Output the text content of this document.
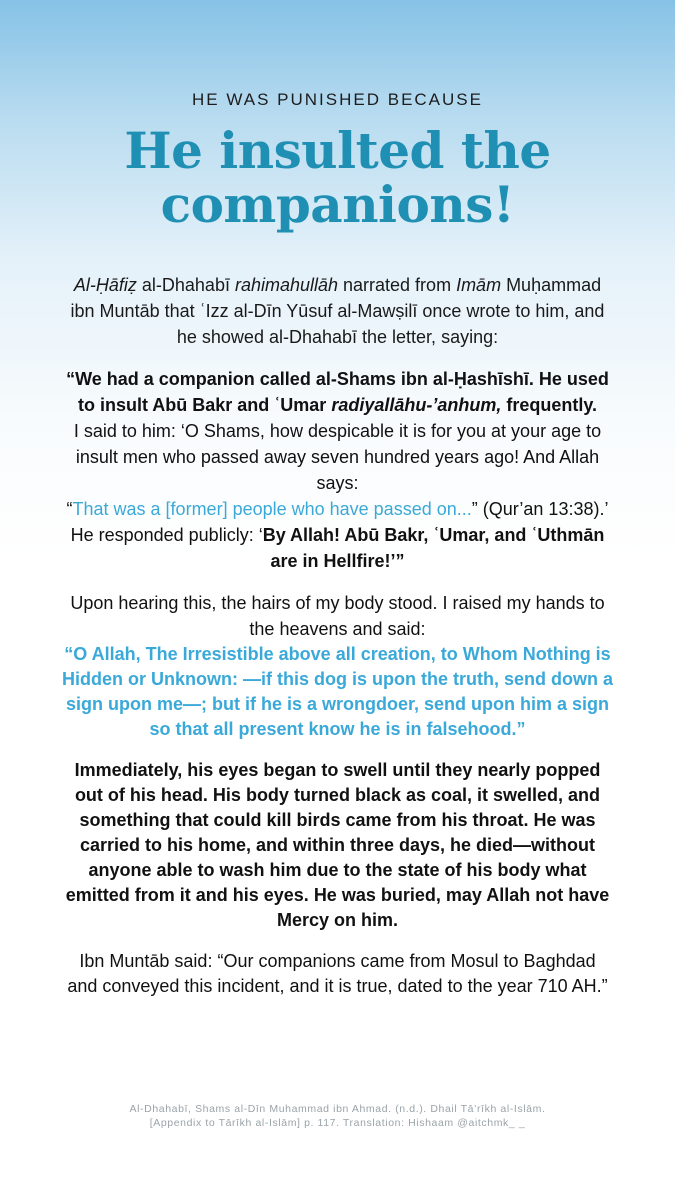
HE WAS PUNISHED BECAUSE

He insulted the
companions!

Al-Ḥāfiẓ al-Dhahabī rahimahullāh narrated from Imām Muḥammad ibn Muntāb that ʿIzz al-Dīn Yūsuf al-Mawṣilī once wrote to him, and he showed al-Dhahabī the letter, saying:

“We had a companion called al-Shams ibn al-Ḥashīshī. He used to insult Abū Bakr and ʿUmar radiyallāhu-’anhum, frequently.

I said to him: ‘O Shams, how despicable it is for you at your age to insult men who passed away seven hundred years ago! And Allah says:

“That was a [former] people who have passed on...” (Qur’an 13:38).’

He responded publicly: ‘By Allah! Abū Bakr, ʿUmar, and ʿUthmān are in Hellfire!’”

Upon hearing this, the hairs of my body stood. I raised my hands to the heavens and said:

“O Allah, The Irresistible above all creation, to Whom Nothing is Hidden or Unknown: —if this dog is upon the truth, send down a sign upon me—; but if he is a wrongdoer, send upon him a sign so that all present know he is in falsehood.”

Immediately, his eyes began to swell until they nearly popped out of his head. His body turned black as coal, it swelled, and something that could kill birds came from his throat. He was carried to his home, and within three days, he died—without anyone able to wash him due to the state of his body what emitted from it and his eyes. He was buried, may Allah not have Mercy on him.

Ibn Muntāb said: “Our companions came from Mosul to Baghdad and conveyed this incident, and it is true, dated to the year 710 AH.”

Al-Dhahabī, Shams al-Dīn Muhammad ibn Ahmad. (n.d.). Dhail Tā’rīkh al-Islām.
[Appendix to Tārīkh al-Islām] p. 117. Translation: Hishaam @aitchmk_ _
